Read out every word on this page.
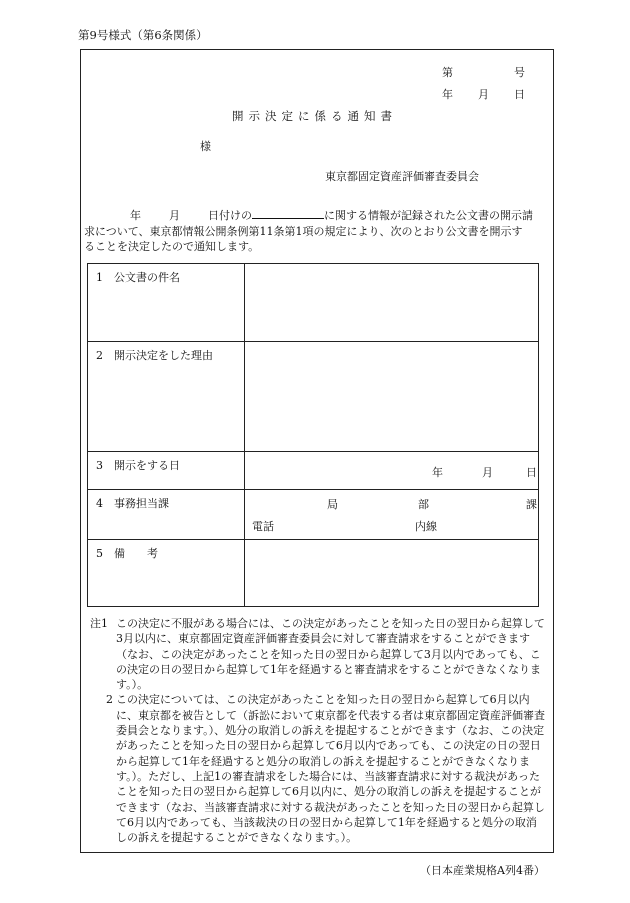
第9号様式（第6条関係）
第	号
年 月 日
開示決定に係る通知書
様
東京都固定資産評価審査委員会

年	月	日付けの	に関する情報が記録された公文書の開示請

求について、東京都情報公開条例第11条第1項の規定により、次のとおり公文書を開示す

ることを決定したので通知します。

1　 公文書の件名	
2　 開示決定をした理由	
3　 開示をする日	年 月 日

4　 事務担当課	局 部 課
電話 内線

5　 備　　考	
注1 この決定に不服がある場合には、この決定があったことを知った日の翌日から起算して3月以内に、東京都固定資産評価審査委員会に対して審査請求をすることができます（なお、この決定があったことを知った日の翌日から起算して3月以内であっても、この決定の日の翌日から起算して1年を経過すると審査請求をすることができなくなります。）。
2 この決定については、この決定があったことを知った日の翌日から起算して6月以内に、東京都を被告として（訴訟において東京都を代表する者は東京都固定資産評価審査委員会となります。）、処分の取消しの訴えを提起することができます（なお、この決定があったことを知った日の翌日から起算して6月以内であっても、この決定の日の翌日から起算して1年を経過すると処分の取消しの訴えを提起することができなくなります。）。ただし、上記1の審査請求をした場合には、当該審査請求に対する裁決があったことを知った日の翌日から起算して6月以内に、処分の取消しの訴えを提起することができます（なお、当該審査請求に対する裁決があったことを知った日の翌日から起算して6月以内であっても、当該裁決の日の翌日から起算して1年を経過すると処分の取消しの訴えを提起することができなくなります。）。
（日本産業規格A列4番）
